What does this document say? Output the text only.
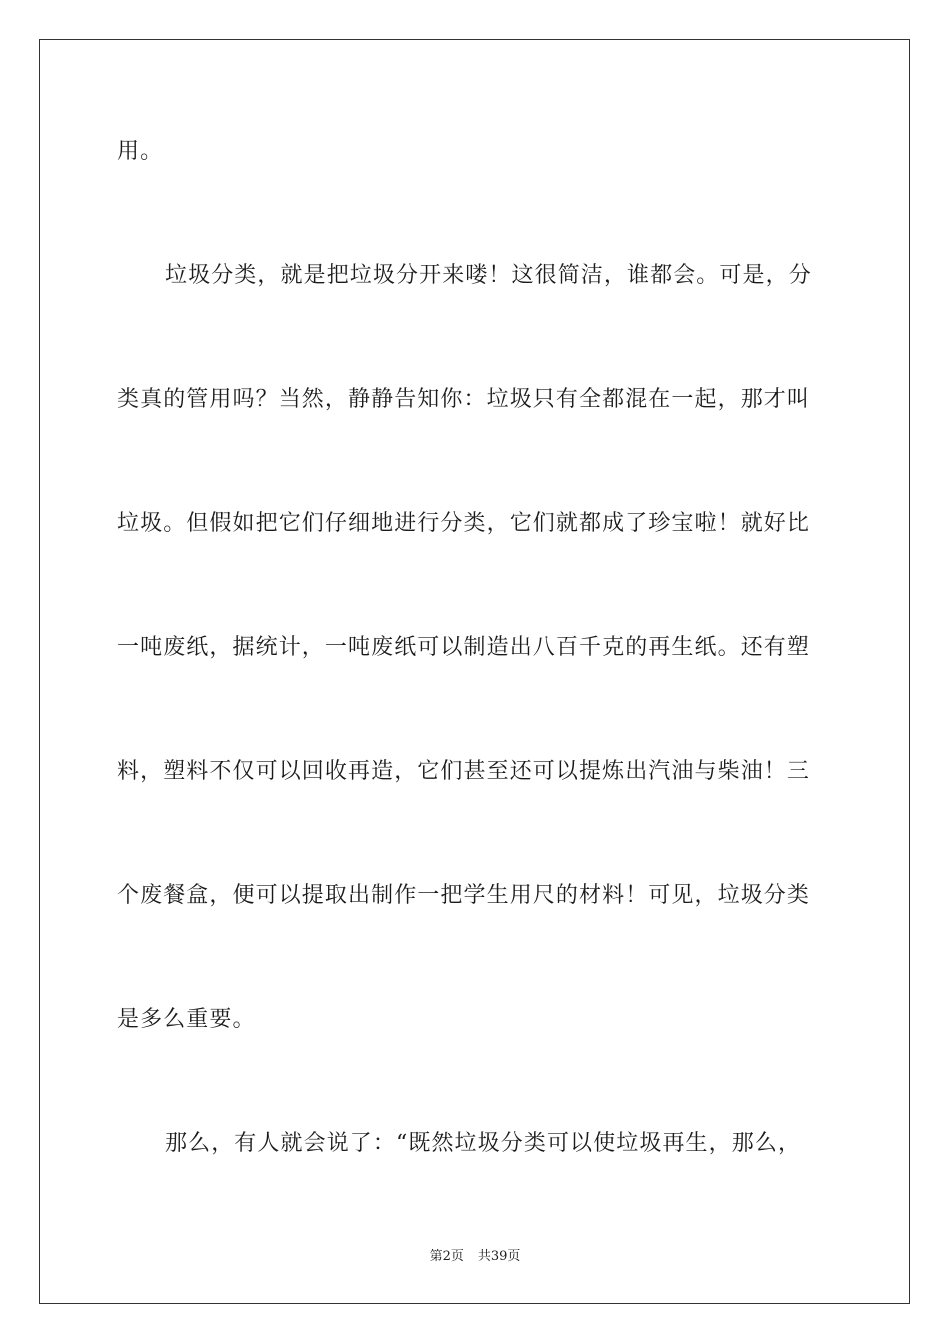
用。
垃圾分类，就是把垃圾分开来喽！这很简洁，谁都会。可是，分
类真的管用吗？当然，静静告知你：垃圾只有全都混在一起，那才叫
垃圾。但假如把它们仔细地进行分类，它们就都成了珍宝啦！就好比
一吨废纸，据统计，一吨废纸可以制造出八百千克的再生纸。还有塑
料，塑料不仅可以回收再造，它们甚至还可以提炼出汽油与柴油！三
个废餐盒，便可以提取出制作一把学生用尺的材料！可见，垃圾分类
是多么重要。
那么，有人就会说了：“既然垃圾分类可以使垃圾再生，那么，
第2页 共39页
